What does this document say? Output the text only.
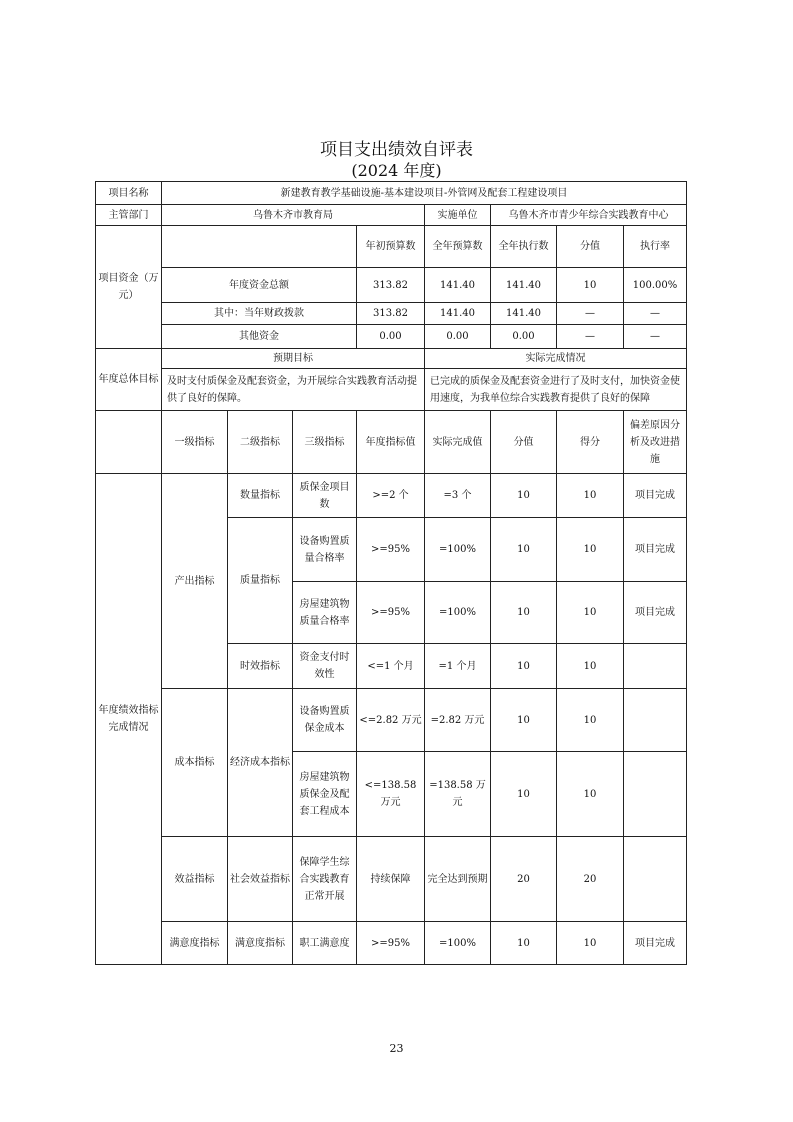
项目支出绩效自评表
(2024 年度)
项目名称	新建教育教学基础设施-基本建设项目-外管网及配套工程建设项目								
主管部门	乌鲁木齐市教育局				实施单位	乌鲁木齐市青少年综合实践教育中心			
项目资金（万元）				年初预算数	全年预算数	全年执行数	分值	执行率	
	年度资金总额			313.82	141.40	141.40	10	100.00%	
	其中：当年财政拨款			313.82	141.40	141.40	—	—	
	其他资金			0.00	0.00	0.00	—	—	
年度总体目标	预期目标				实际完成情况				
	及时支付质保金及配套资金，为开展综合实践教育活动提供了良好的保障。				已完成的质保金及配套资金进行了及时支付，加快资金使用速度，为我单位综合实践教育提供了良好的保障				
	一级指标	二级指标	三级指标	年度指标值	实际完成值	分值	得分	偏差原因分析及改进措施	
年度绩效指标完成情况	产出指标	数量指标	质保金项目数	>=2 个	=3 个	10	10	项目完成	
		质量指标	设备购置质量合格率	>=95%	=100%	10	10	项目完成	
			房屋建筑物质量合格率	>=95%	=100%	10	10	项目完成	
		时效指标	资金支付时效性	<=1 个月	=1 个月	10	10		
	成本指标	经济成本指标	设备购置质保金成本	<=2.82 万元	=2.82 万元	10	10		
			房屋建筑物质保金及配套工程成本	<=138.58 万元	=138.58 万元	10	10		
	效益指标	社会效益指标	保障学生综合实践教育正常开展	持续保障	完全达到预期	20	20		
	满意度指标	满意度指标	职工满意度	>=95%	=100%	10	10	项目完成	
23
